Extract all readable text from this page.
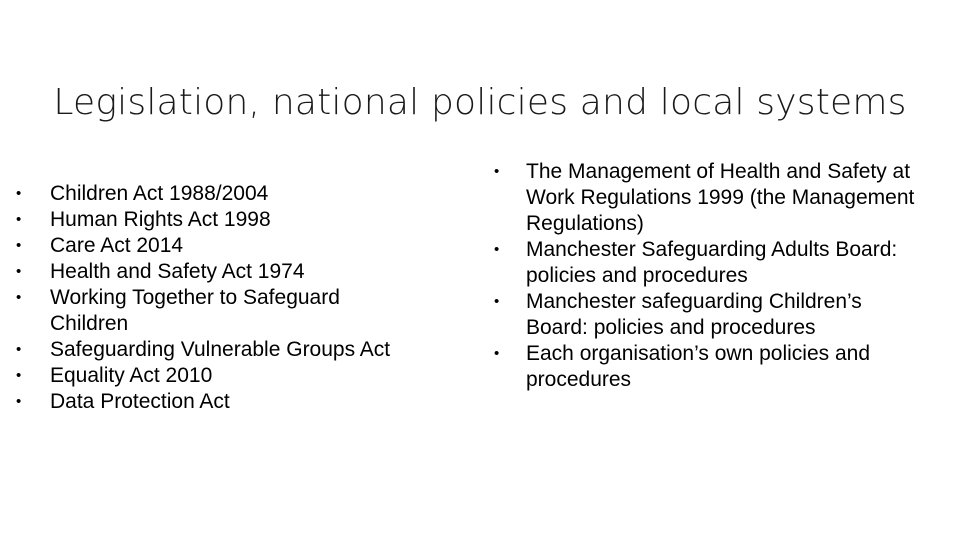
Legislation, national policies and local systems
• Children Act 1988/2004
• Human Rights Act 1998
• Care Act 2014
• Health and Safety Act 1974
• Working Together to Safeguard Children
• Safeguarding Vulnerable Groups Act
• Equality Act 2010
• Data Protection Act
• The Management of Health and Safety at Work Regulations 1999 (the Management Regulations)
• Manchester Safeguarding Adults Board: policies and procedures
• Manchester safeguarding Children’s Board: policies and procedures
• Each organisation’s own policies and procedures
